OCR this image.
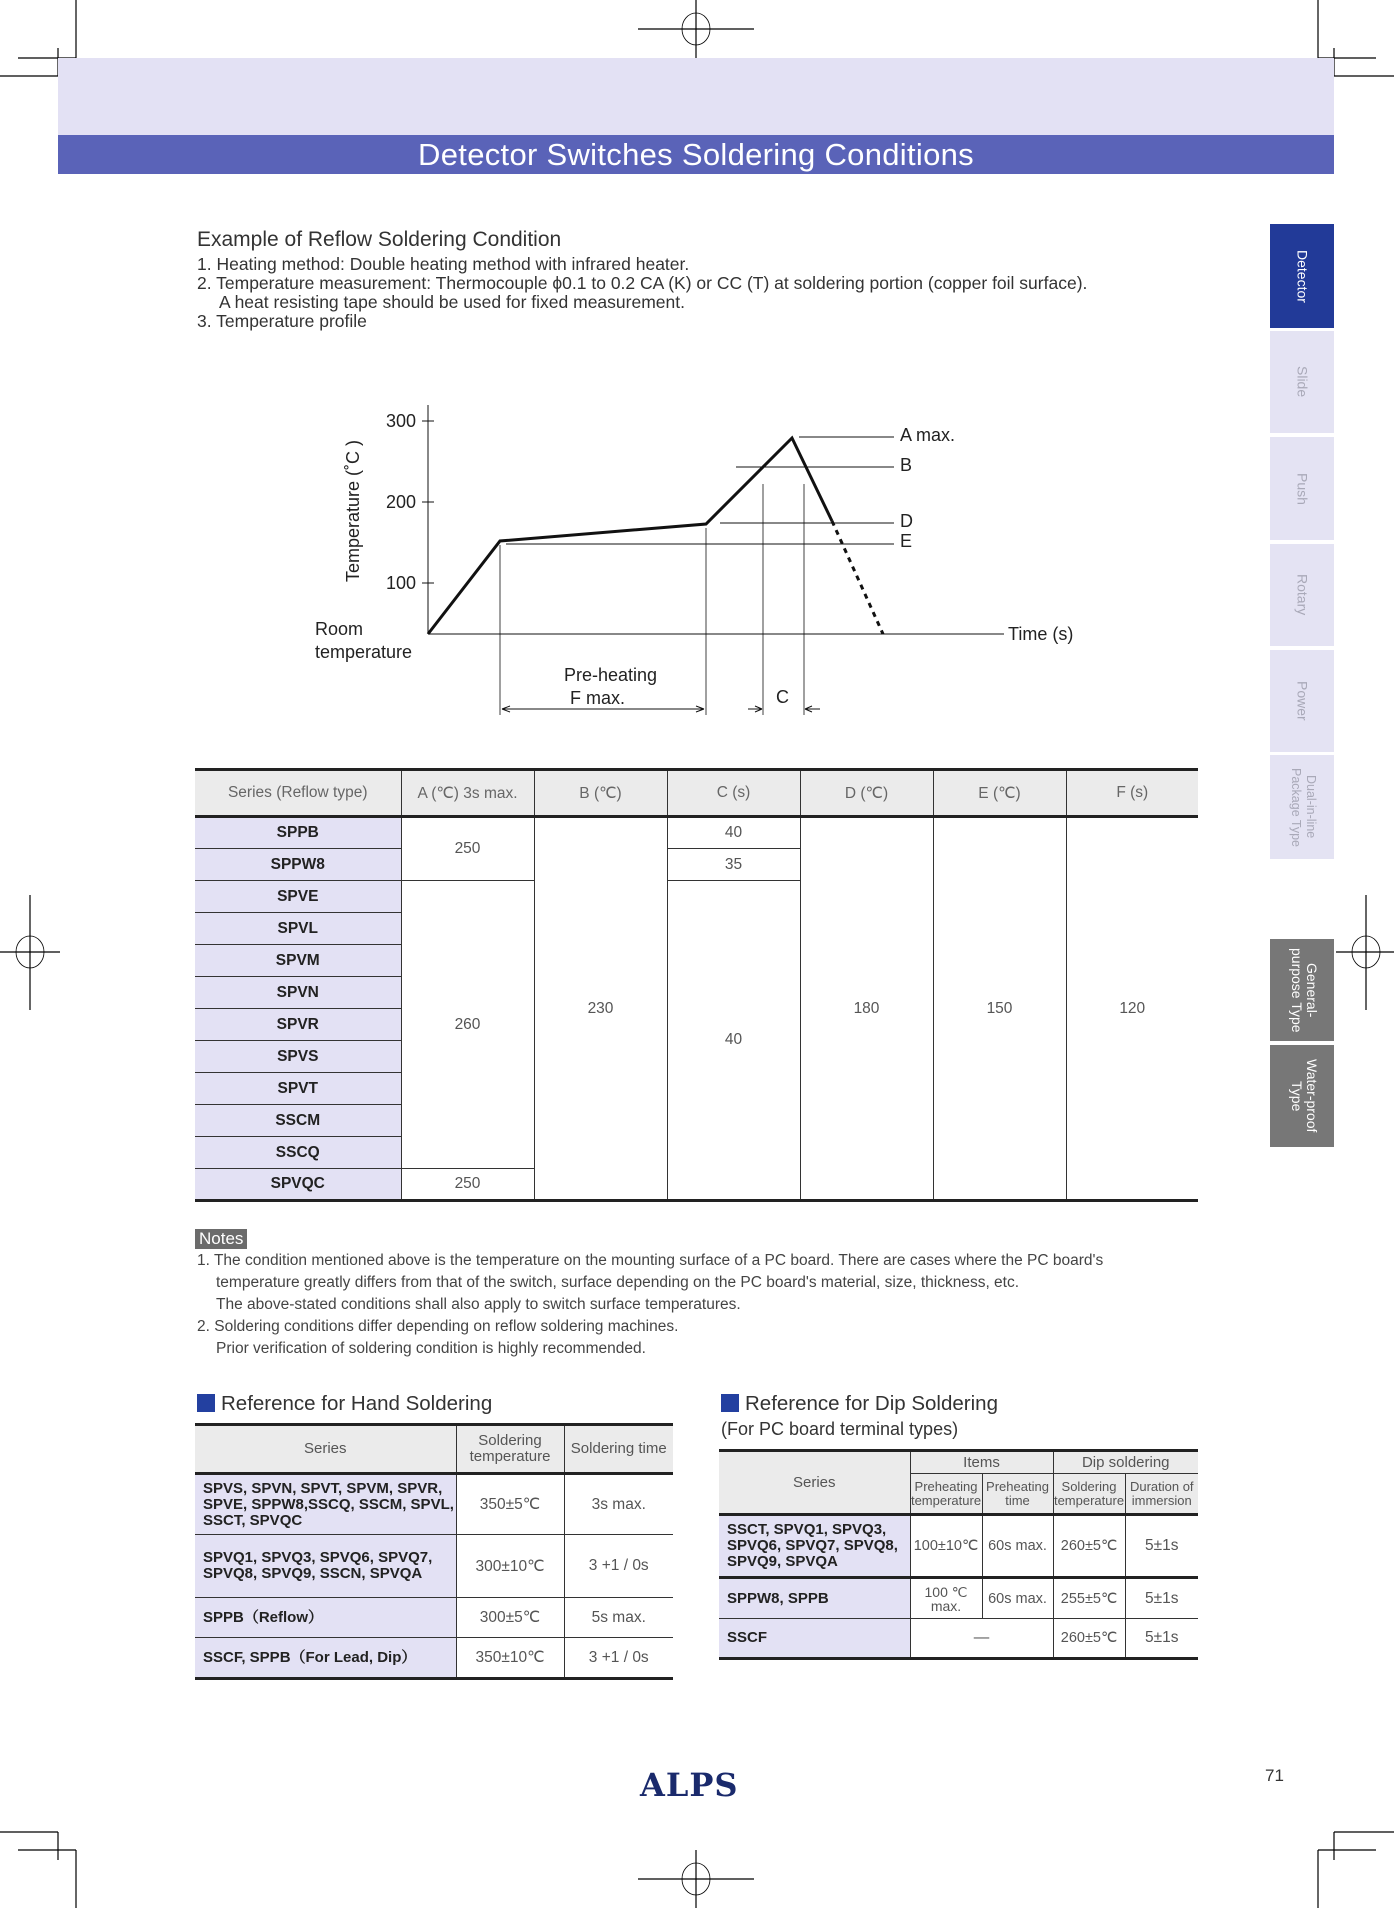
Detector Switches Soldering Conditions
Example of Reflow Soldering Condition
1. Heating method: Double heating method with infrared heater.
2. Temperature measurement: Thermocouple ϕ0.1 to 0.2 CA (K) or CC (T) at soldering portion (copper foil surface).
A heat resisting tape should be used for fixed measurement.
3. Temperature profile
300
200
100
Temperature (˚C )
Time (s)
Room
temperature
A max.
B
D
E
Pre-heating
F max.	C
Series (Reflow type)	A (℃) 3s max.	B (℃)	C (s)	D (℃)	E (℃)	F (s)
SPPB	250	230	40	180	150	120
SPPW8			35			
SPVE	260		40			
SPVL						
SPVM						
SPVN						
SPVR						
SPVS						
SPVT						
SSCM						
SSCQ						
SPVQC	250					
Notes
1. The condition mentioned above is the temperature on the mounting surface of a PC board. There are cases where the PC board's
temperature greatly differs from that of the switch, surface depending on the PC board's material, size, thickness, etc.
The above-stated conditions shall also apply to switch surface temperatures.
2. Soldering conditions differ depending on reflow soldering machines.
Prior verification of soldering condition is highly recommended.
Reference for Hand Soldering
Series	Soldering temperature	Soldering time
SPVS, SPVN, SPVT, SPVM, SPVR, SPVE, SPPW8,SSCQ, SSCM, SPVL, SSCT, SPVQC	350±5℃	3s max.
SPVQ1, SPVQ3, SPVQ6, SPVQ7, SPVQ8, SPVQ9, SSCN, SPVQA	300±10℃	3 +1 / 0s
SPPB（Reflow）	300±5℃	5s max.
SSCF, SPPB（For Lead, Dip）	350±10℃	3 +1 / 0s
Reference for Dip Soldering
(For PC board terminal types)
Series	Items		Dip soldering	
	Preheating temperature	Preheating time	Soldering temperature	Duration of immersion
SSCT, SPVQ1, SPVQ3, SPVQ6, SPVQ7, SPVQ8, SPVQ9, SPVQA	100±10℃	60s max.	260±5℃	5±1s
SPPW8, SPPB	100 ℃ max.	60s max.	255±5℃	5±1s
SSCF	—		260±5℃	5±1s
Detector
Slide
Push
Rotary
Power
Dual-in-line Package Type
General-purpose Type
Water-proof Type
ALPS	71
